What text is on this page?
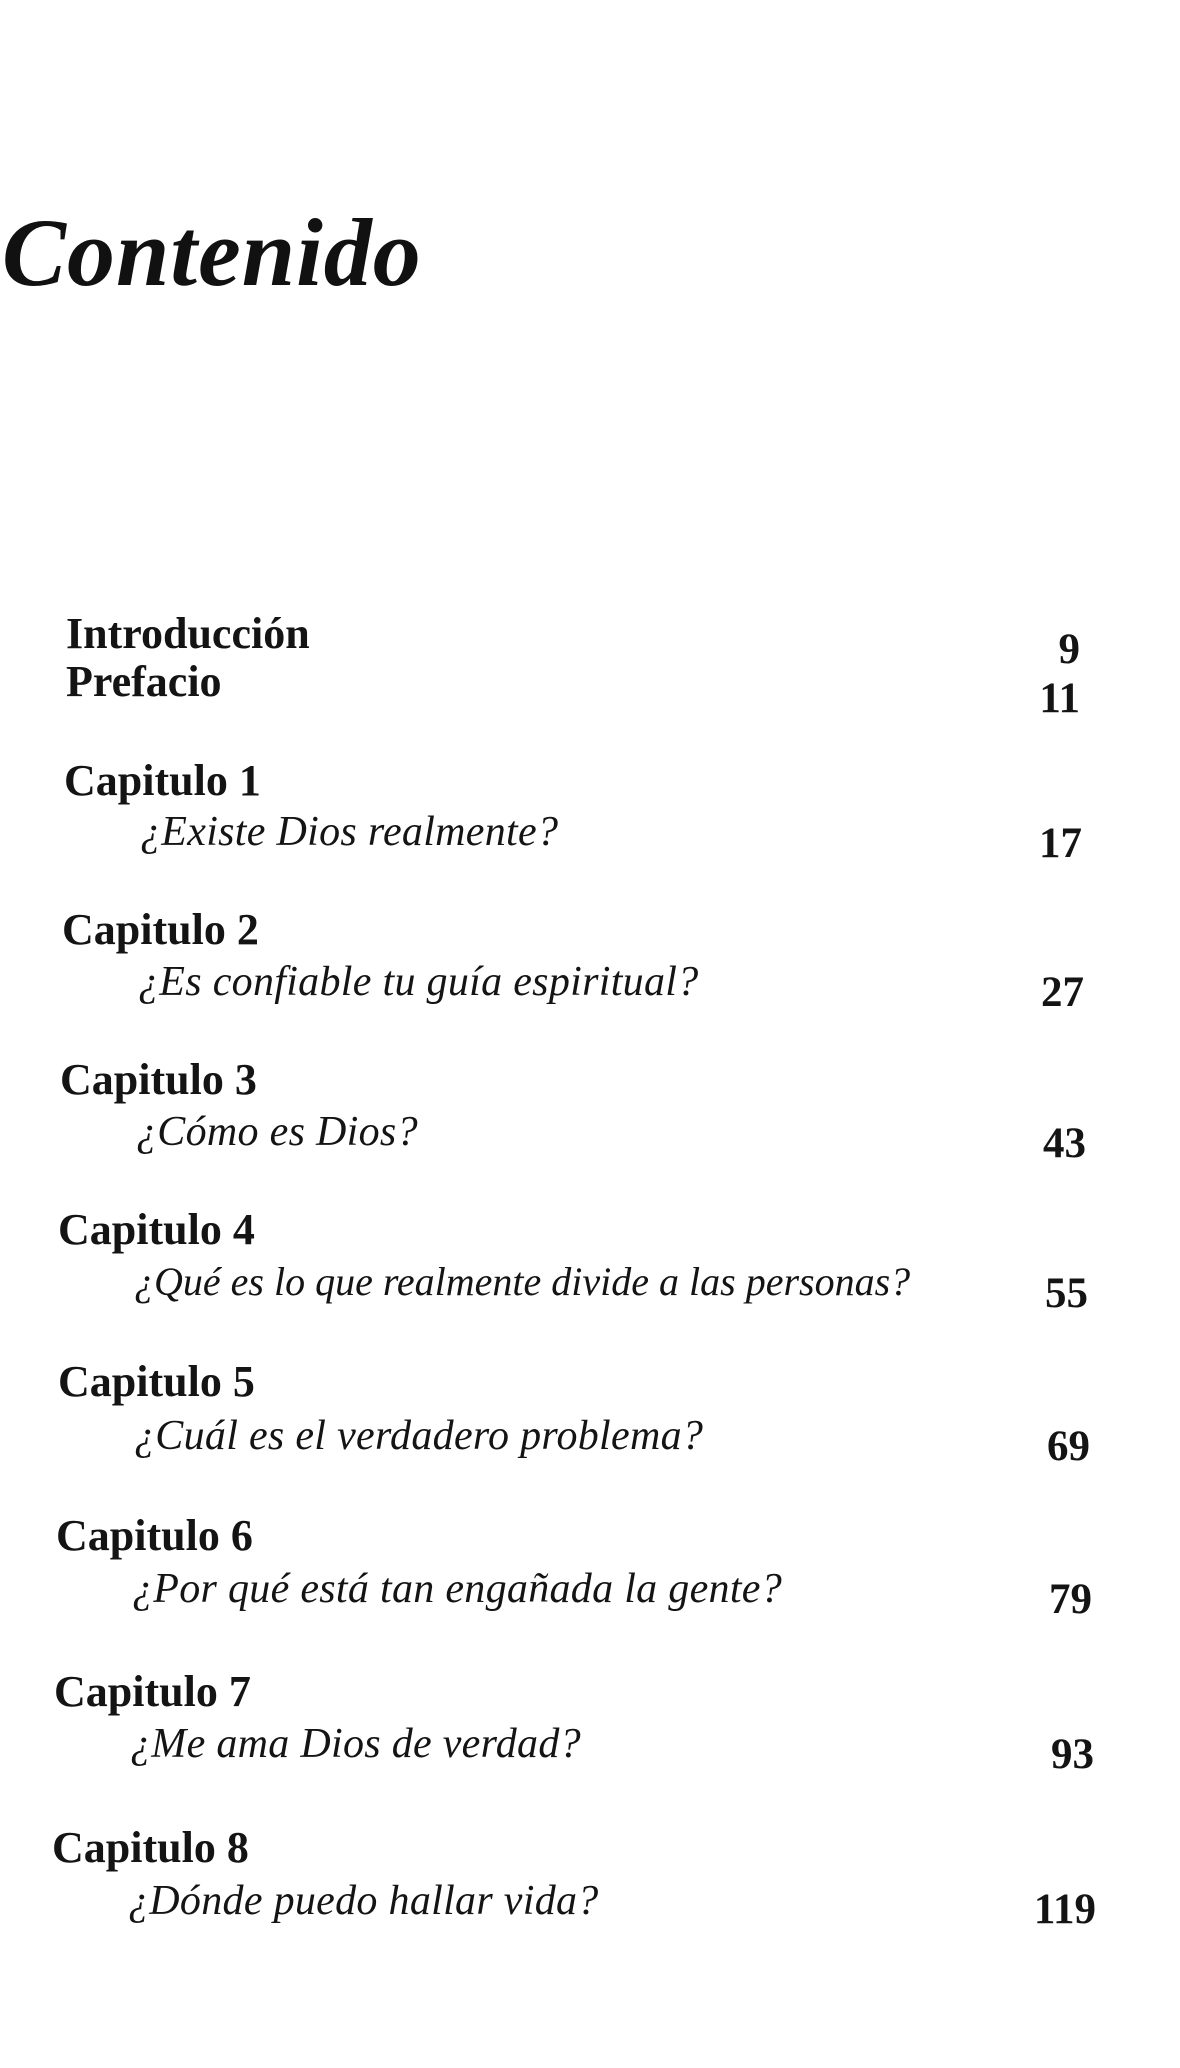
Contenido
Introducción	9
Prefacio	11
Capitulo 1
¿Existe Dios realmente?	17
Capitulo 2
¿Es confiable tu guía espiritual?	27
Capitulo 3
¿Cómo es Dios?	43
Capitulo 4
¿Qué es lo que realmente divide a las personas?	55
Capitulo 5
¿Cuál es el verdadero problema?	69
Capitulo 6
¿Por qué está tan engañada la gente?	79
Capitulo 7
¿Me ama Dios de verdad?	93
Capitulo 8
¿Dónde puedo hallar vida?	119
